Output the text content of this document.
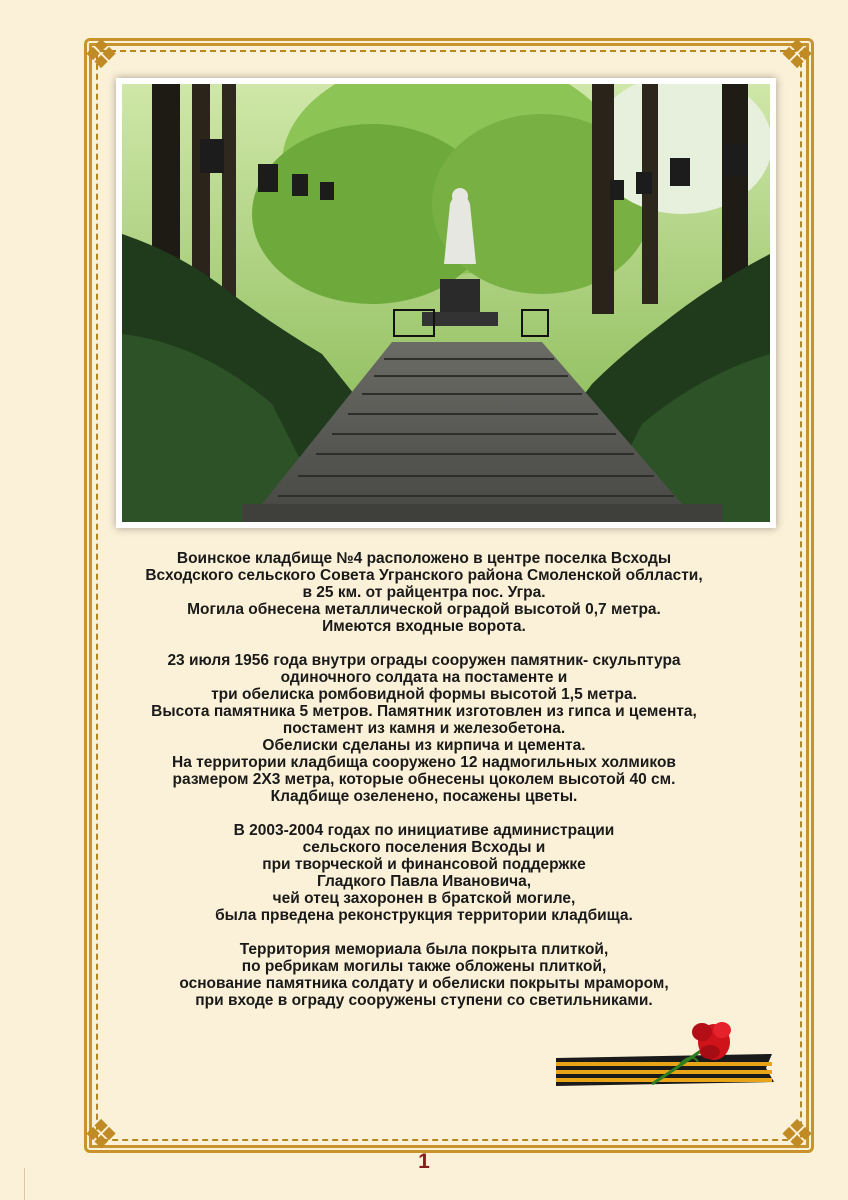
❖	❖
❖	❖

Воинское кладбище №4 расположено в центре поселка Всходы
Всходского сельского Совета Угранского района Смоленской облласти,
в 25 км. от райцентра пос. Угра.
Могила обнесена металлической оградой высотой 0,7 метра.
Имеются входные ворота.

23 июля 1956 года внутри ограды сооружен памятник- скульптура
одиночного солдата на постаменте и
три обелиска ромбовидной формы высотой 1,5 метра.
Высота памятника 5 метров. Памятник изготовлен из гипса и цемента,
постамент из камня и железобетона.
Обелиски сделаны из кирпича и цемента.
На территории кладбища сооружено 12 надмогильных холмиков
размером 2Х3 метра, которые обнесены цоколем высотой 40 см.
Кладбище озеленено, посажены цветы.

В 2003-2004 годах по инициативе администрации
сельского поселения Всходы и
при творческой и финансовой поддержке
Гладкого Павла Ивановича,
чей отец захоронен в братской могиле,
была прведена реконструкция территории кладбища.

Территория мемориала была покрыта плиткой,
по ребрикам могилы также обложены плиткой,
основание памятника солдату и обелиски покрыты мрамором,
при входе в ограду сооружены ступени со светильниками.

1
